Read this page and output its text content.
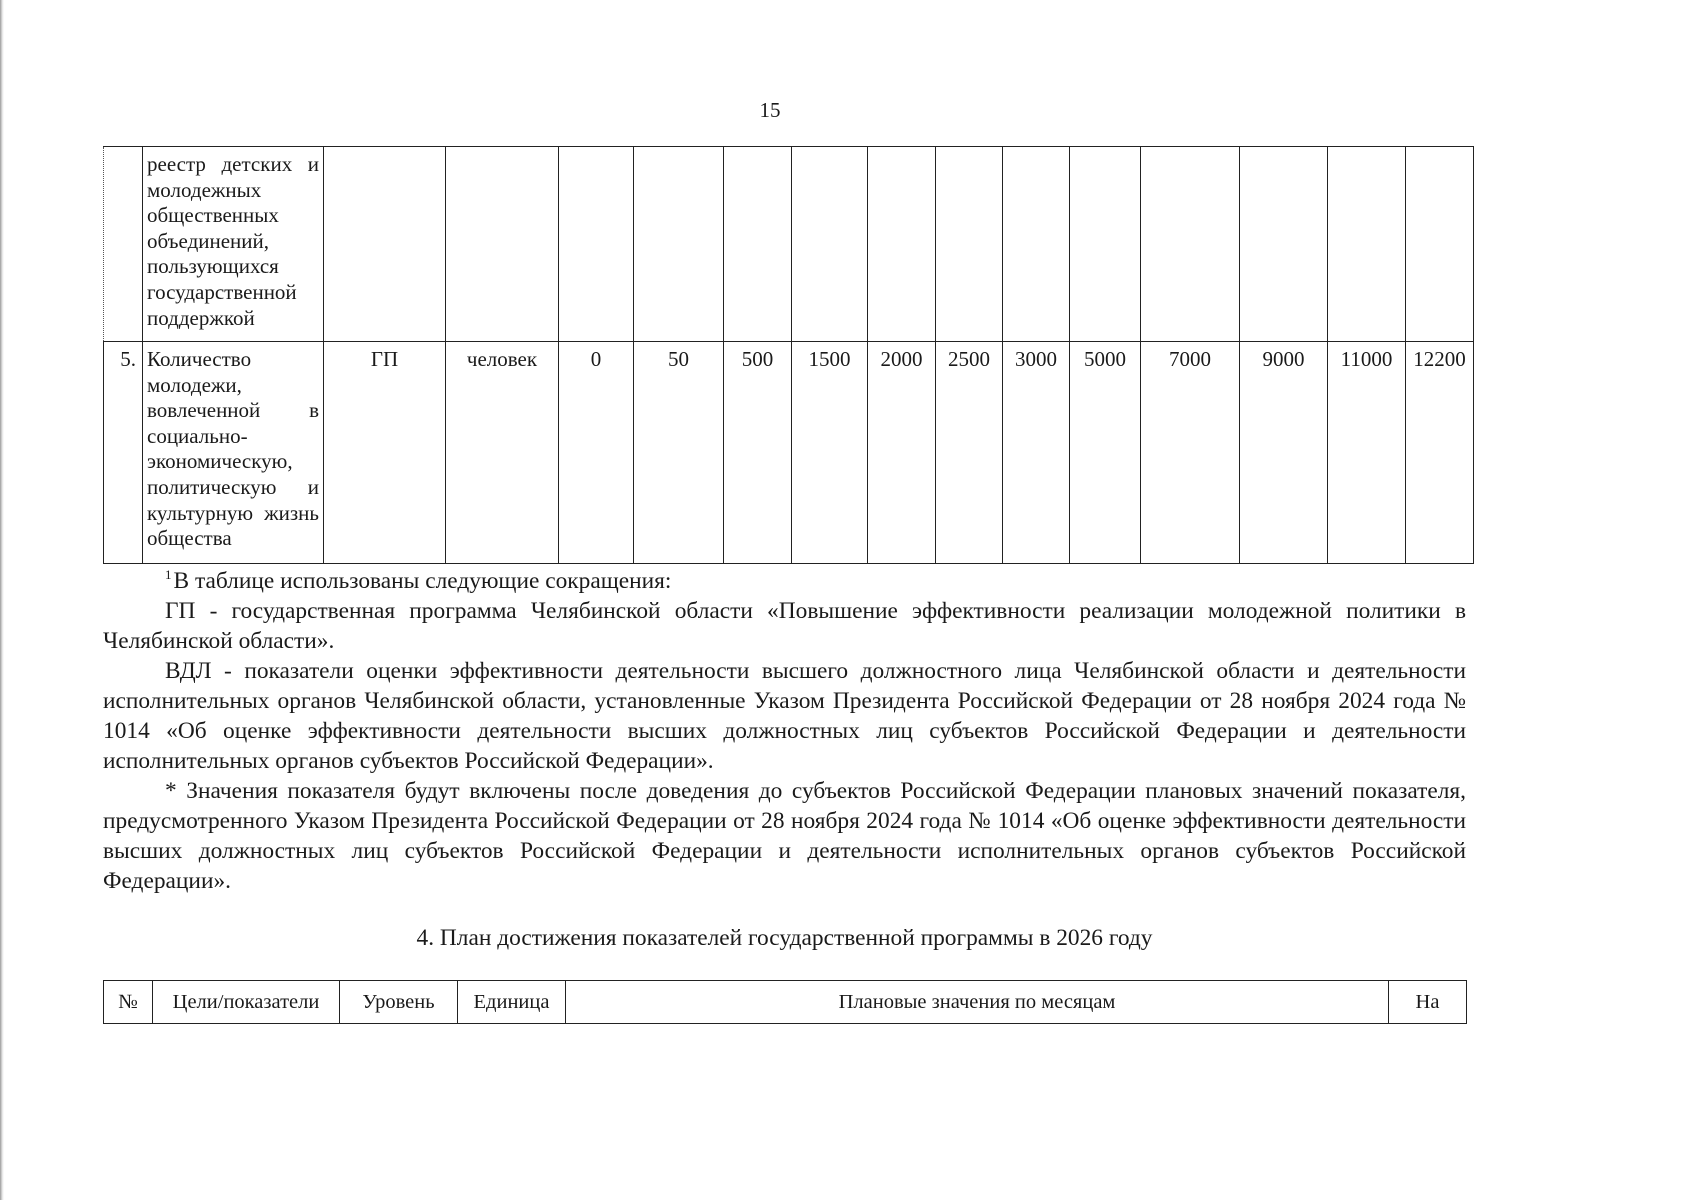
15
	реестр детских и молодежных общественных объединений, пользующихся государственной поддержкой														
5.	Количество молодежи, вовлеченной в социально-экономическую, политическую и культурную жизнь общества	ГП	человек	0	50	500	1500	2000	2500	3000	5000	7000	9000	11000	12200

$^1$В таблице использованы следующие сокращения:

ГП - государственная программа Челябинской области «Повышение эффективности реализации молодежной политики в Челябинской области».

ВДЛ - показатели оценки эффективности деятельности высшего должностного лица Челябинской области и деятельности исполнительных органов Челябинской области, установленные Указом Президента Российской Федерации от 28 ноября 2024 года № 1014 «Об оценке эффективности деятельности высших должностных лиц субъектов Российской Федерации и деятельности исполнительных органов субъектов Российской Федерации».

* Значения показателя будут включены после доведения до субъектов Российской Федерации плановых значений показателя, предусмотренного Указом Президента Российской Федерации от 28 ноября 2024 года № 1014 «Об оценке эффективности деятельности высших должностных лиц субъектов Российской Федерации и деятельности исполнительных органов субъектов Российской Федерации».

4. План достижения показателей государственной программы в 2026 году
№	Цели/показатели	Уровень	Единица	Плановые значения по месяцам	На
